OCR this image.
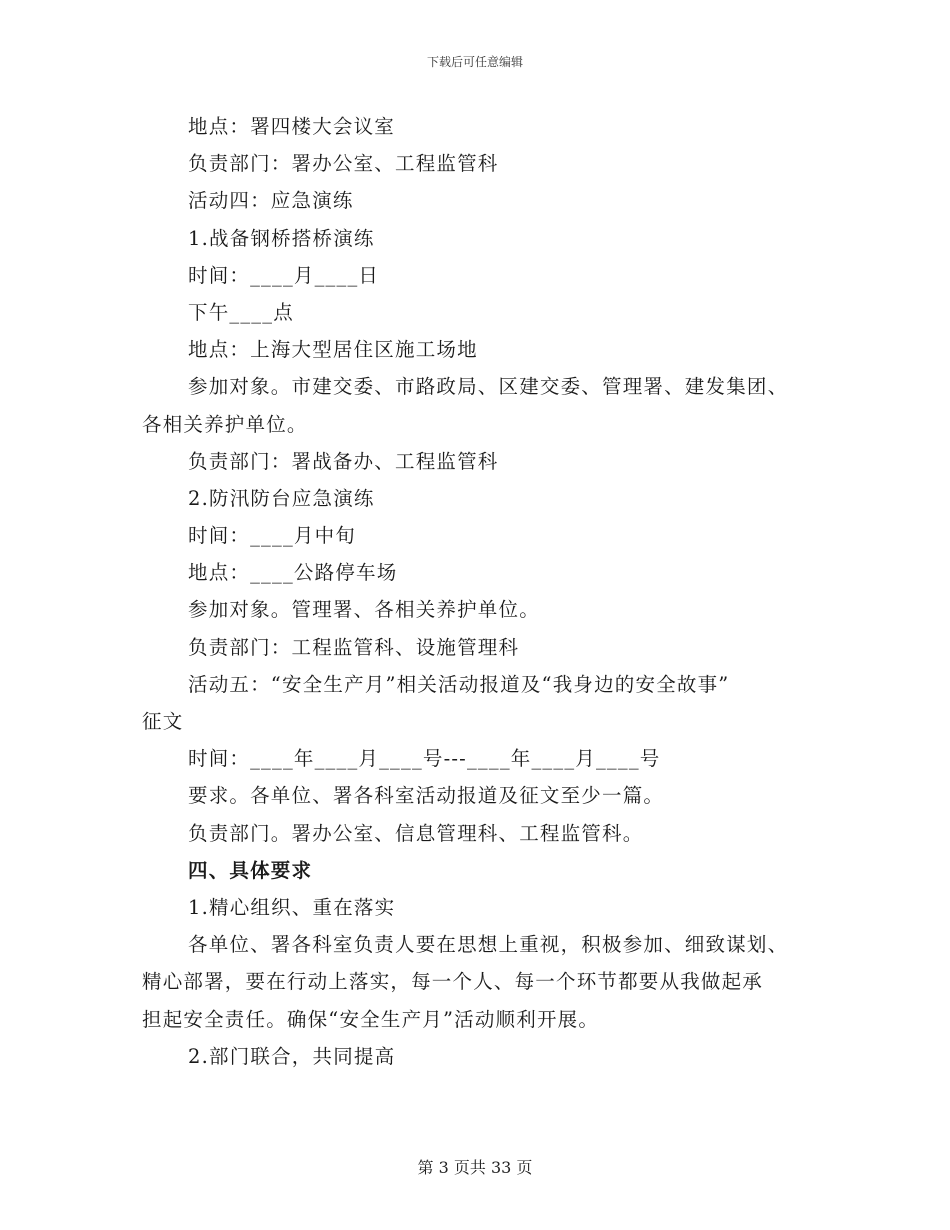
下载后可任意编辑
地点：署四楼大会议室
负责部门：署办公室、工程监管科
活动四：应急演练
1.战备钢桥搭桥演练
时间：____月____日
下午____点
地点：上海大型居住区施工场地
参加对象。市建交委、市路政局、区建交委、管理署、建发集团、
各相关养护单位。
负责部门：署战备办、工程监管科
2.防汛防台应急演练
时间：____月中旬
地点：____公路停车场
参加对象。管理署、各相关养护单位。
负责部门：工程监管科、设施管理科
活动五：“安全生产月”相关活动报道及“我身边的安全故事”
征文
时间：____年____月____号---____年____月____号
要求。各单位、署各科室活动报道及征文至少一篇。
负责部门。署办公室、信息管理科、工程监管科。
四、具体要求
1.精心组织、重在落实
各单位、署各科室负责人要在思想上重视，积极参加、细致谋划、
精心部署，要在行动上落实，每一个人、每一个环节都要从我做起承
担起安全责任。确保“安全生产月”活动顺利开展。
2.部门联合，共同提高
第 3 页共 33 页
